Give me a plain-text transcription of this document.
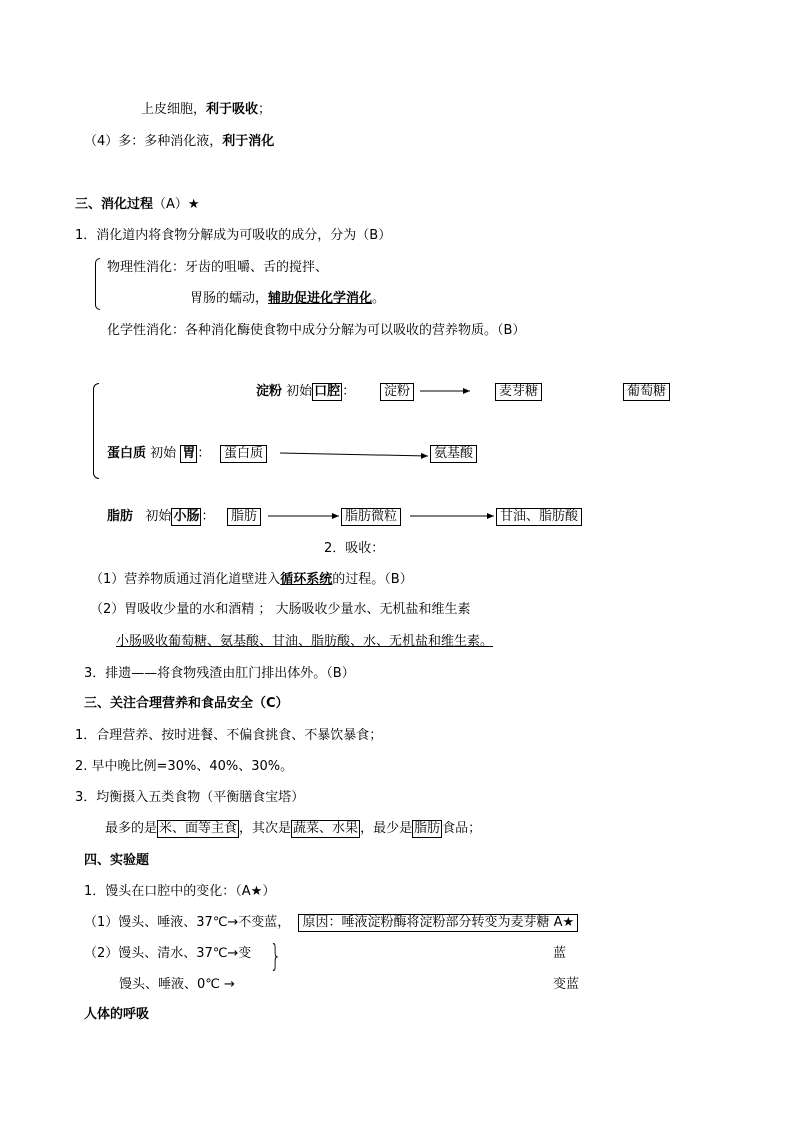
上皮细胞，利于吸收；
（4）多：多种消化液，利于消化
三、消化过程（A）★
1．消化道内将食物分解成为可吸收的成分，分为（B）
物理性消化：牙齿的咀嚼、舌的搅拌、
胃肠的蠕动，辅助促进化学消化。
化学性消化：各种消化酶使食物中成分分解为可以吸收的营养物质。（B）
淀粉 初始 口腔 ：	淀粉	麦芽糖	葡萄糖
蛋白质 初始 胃 ：	蛋白质	氨基酸
脂肪 初始 小肠 ：	脂肪	脂肪微粒	甘油、脂肪酸
2．吸收：
（1）营养物质通过消化道壁进入循环系统的过程。（B）
（2）胃吸收少量的水和酒精 ； 大肠吸收少量水、无机盐和维生素
小肠吸收葡萄糖、氨基酸、甘油、脂肪酸、水、无机盐和维生素。
3．排遗——将食物残渣由肛门排出体外。（B）
三、关注合理营养和食品安全（C）
1．合理营养、按时进餐、不偏食挑食、不暴饮暴食；
2. 早中晚比例=30%、40%、30%。
3．均衡摄入五类食物（平衡膳食宝塔）
最多的是 米、面等主食 ，其次是 蔬菜、水果 ，最少是 脂肪 食品；
四、实验题
1．馒头在口腔中的变化：（A★）
（1）馒头、唾液、37℃→不变蓝， 原因：唾液淀粉酶将淀粉部分转变为麦芽糖 A★
（2）馒头、清水、37℃→变 }	蓝
馒头、唾液、0℃ →	变蓝
人体的呼吸
